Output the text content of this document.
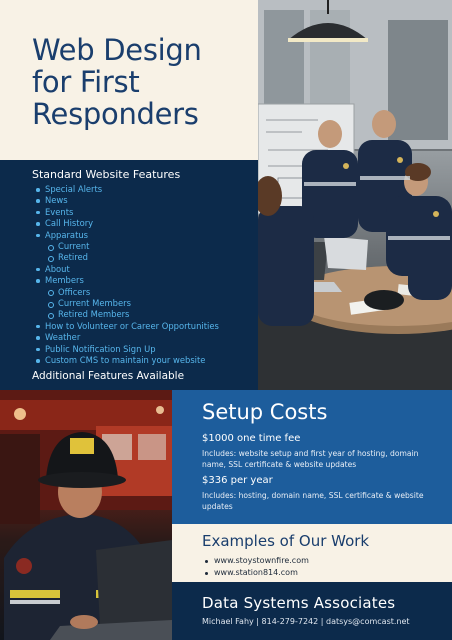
Web Design
for First
Responders
Standard Website Features
Special Alerts
News
Events
Call History
Apparatus
Current
Retired
About
Members
Officers
Current Members
Retired Members
How to Volunteer or Career Opportunities
Weather
Public Notification Sign Up
Custom CMS to maintain your website
Additional Features Available
Setup Costs
$1000 one time fee
Includes: website setup and first year of hosting, domain name, SSL certificate & website updates
$336 per year
Includes: hosting, domain name, SSL certificate & website updates
Examples of Our Work
www.stoystownfire.com
www.station814.com
Data Systems Associates
Michael Fahy | 814-279-7242 | datsys@comcast.net
